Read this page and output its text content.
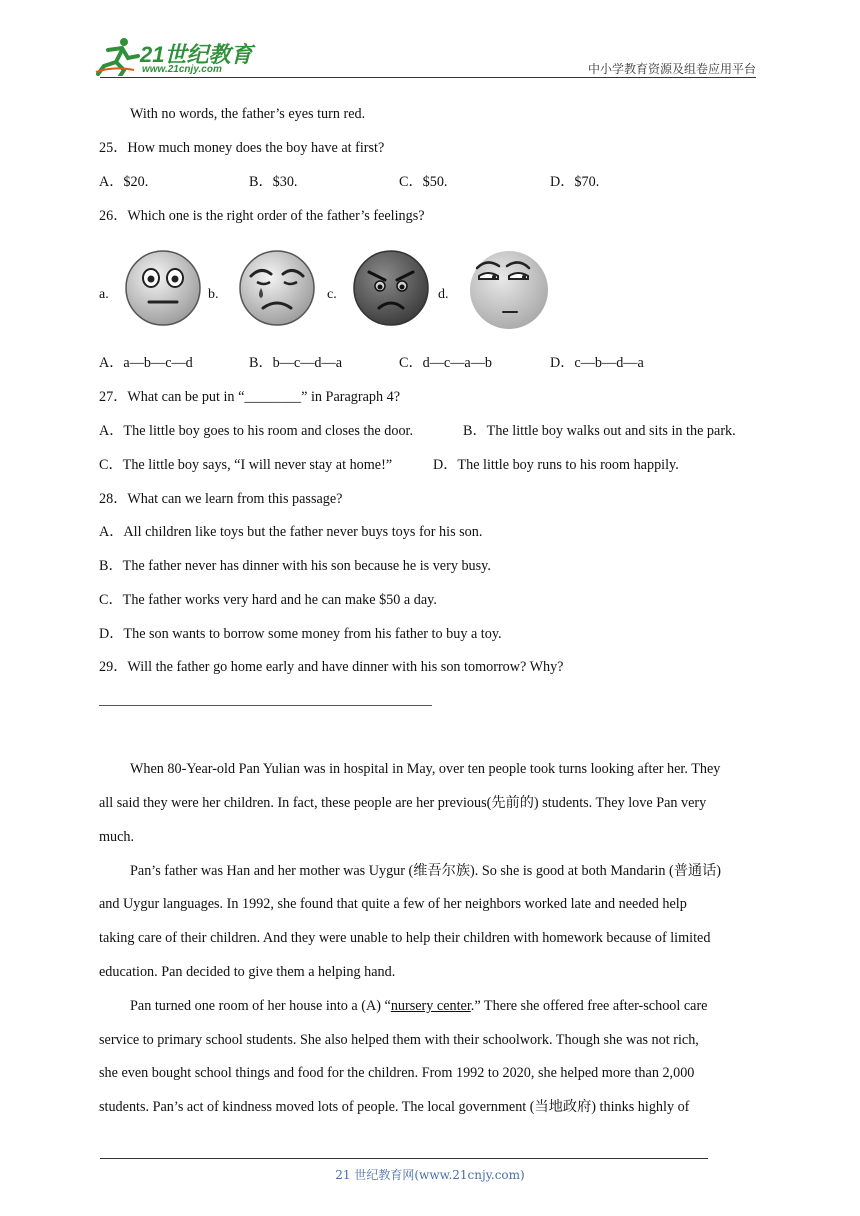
21世纪教育
www.21cnjy.com	中小学教育资源及组卷应用平台
With no words, the father’s eyes turn red.
25．How much money does the boy have at first?
A．$20.	B．$30.	C．$50.	D．$70.
26．Which one is the right order of the father’s feelings?
a.	b.	c.	d.
A．a—b—c—d	B．b—c—d—a	C．d—c—a—b	D．c—b—d—a
27．What can be put in “________” in Paragraph 4?
A．The little boy goes to his room and closes the door.	B．The little boy walks out and sits in the park.
C．The little boy says, “I will never stay at home!”	D．The little boy runs to his room happily.
28．What can we learn from this passage?
A．All children like toys but the father never buys toys for his son.
B．The father never has dinner with his son because he is very busy.
C．The father works very hard and he can make $50 a day.
D．The son wants to borrow some money from his father to buy a toy.
29．Will the father go home early and have dinner with his son tomorrow? Why?
When 80-Year-old Pan Yulian was in hospital in May, over ten people took turns looking after her. They
all said they were her children. In fact, these people are her previous(先前的) students. They love Pan very
much.
Pan’s father was Han and her mother was Uygur (维吾尔族). So she is good at both Mandarin (普通话)
and Uygur languages. In 1992, she found that quite a few of her neighbors worked late and needed help
taking care of their children. And they were unable to help their children with homework because of limited
education. Pan decided to give them a helping hand.
Pan turned one room of her house into a (A) “nursery center.” There she offered free after-school care
service to primary school students. She also helped them with their schoolwork. Though she was not rich,
she even bought school things and food for the children. From 1992 to 2020, she helped more than 2,000
students. Pan’s act of kindness moved lots of people. The local government (当地政府) thinks highly of
21 世纪教育网(www.21cnjy.com)
